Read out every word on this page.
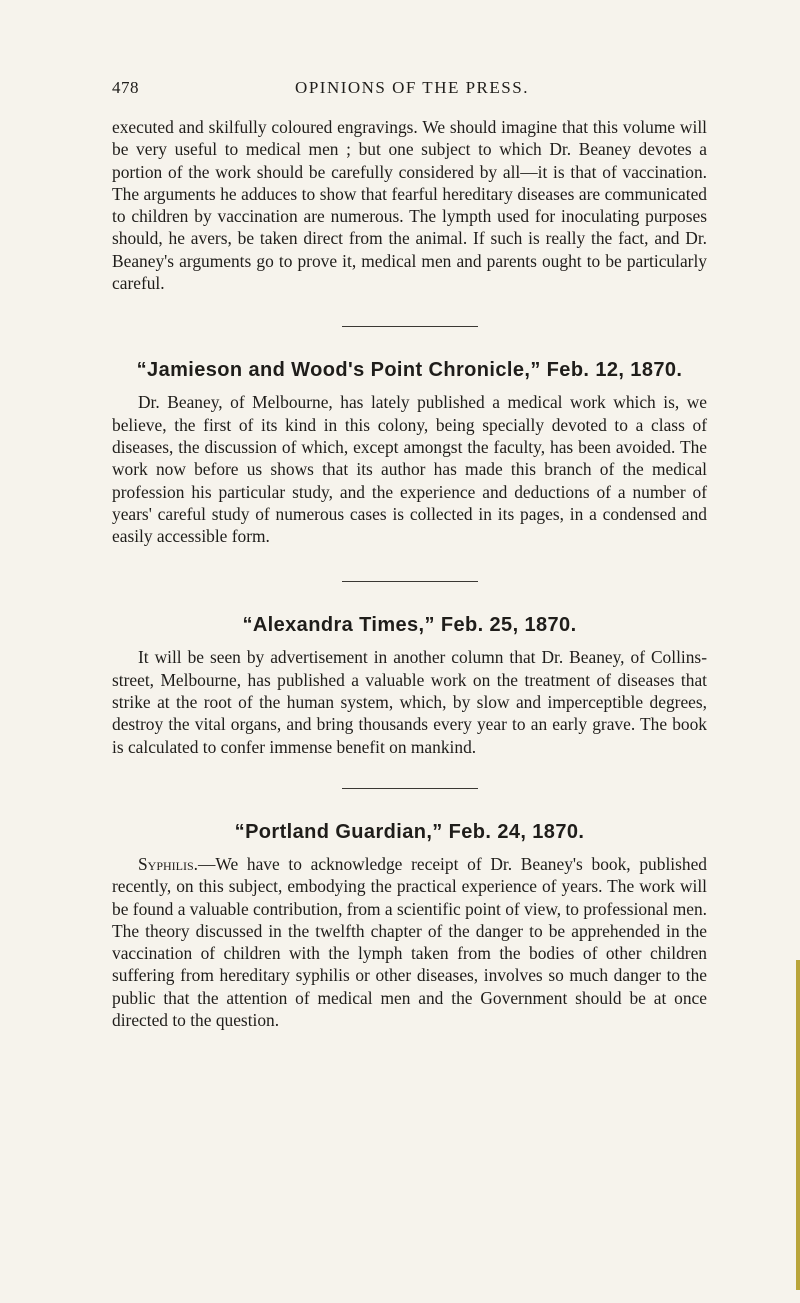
478	OPINIONS OF THE PRESS.

executed and skilfully coloured engravings. We should imagine that this volume will be very useful to medical men ; but one subject to which Dr. Beaney devotes a portion of the work should be carefully considered by all—it is that of vaccination. The arguments he adduces to show that fearful hereditary diseases are communicated to children by vaccination are numerous. The lympth used for inoculating purposes should, he avers, be taken direct from the animal. If such is really the fact, and Dr. Beaney's arguments go to prove it, medical men and parents ought to be particularly careful.

“Jamieson and Wood's Point Chronicle,” Feb. 12, 1870.

Dr. Beaney, of Melbourne, has lately published a medical work which is, we believe, the first of its kind in this colony, being specially devoted to a class of diseases, the discussion of which, except amongst the faculty, has been avoided. The work now before us shows that its author has made this branch of the medical profession his particular study, and the experience and deductions of a number of years' careful study of numerous cases is collected in its pages, in a condensed and easily accessible form.

“Alexandra Times,” Feb. 25, 1870.

It will be seen by advertisement in another column that Dr. Beaney, of Collins-street, Melbourne, has published a valuable work on the treatment of diseases that strike at the root of the human system, which, by slow and imperceptible degrees, destroy the vital organs, and bring thousands every year to an early grave. The book is calculated to confer immense benefit on mankind.

“Portland Guardian,” Feb. 24, 1870.

Syphilis.—We have to acknowledge receipt of Dr. Beaney's book, published recently, on this subject, embodying the practical experience of years. The work will be found a valuable contribution, from a scientific point of view, to professional men. The theory discussed in the twelfth chapter of the danger to be apprehended in the vaccination of children with the lymph taken from the bodies of other children suffering from hereditary syphilis or other diseases, involves so much danger to the public that the attention of medical men and the Government should be at once directed to the question.
